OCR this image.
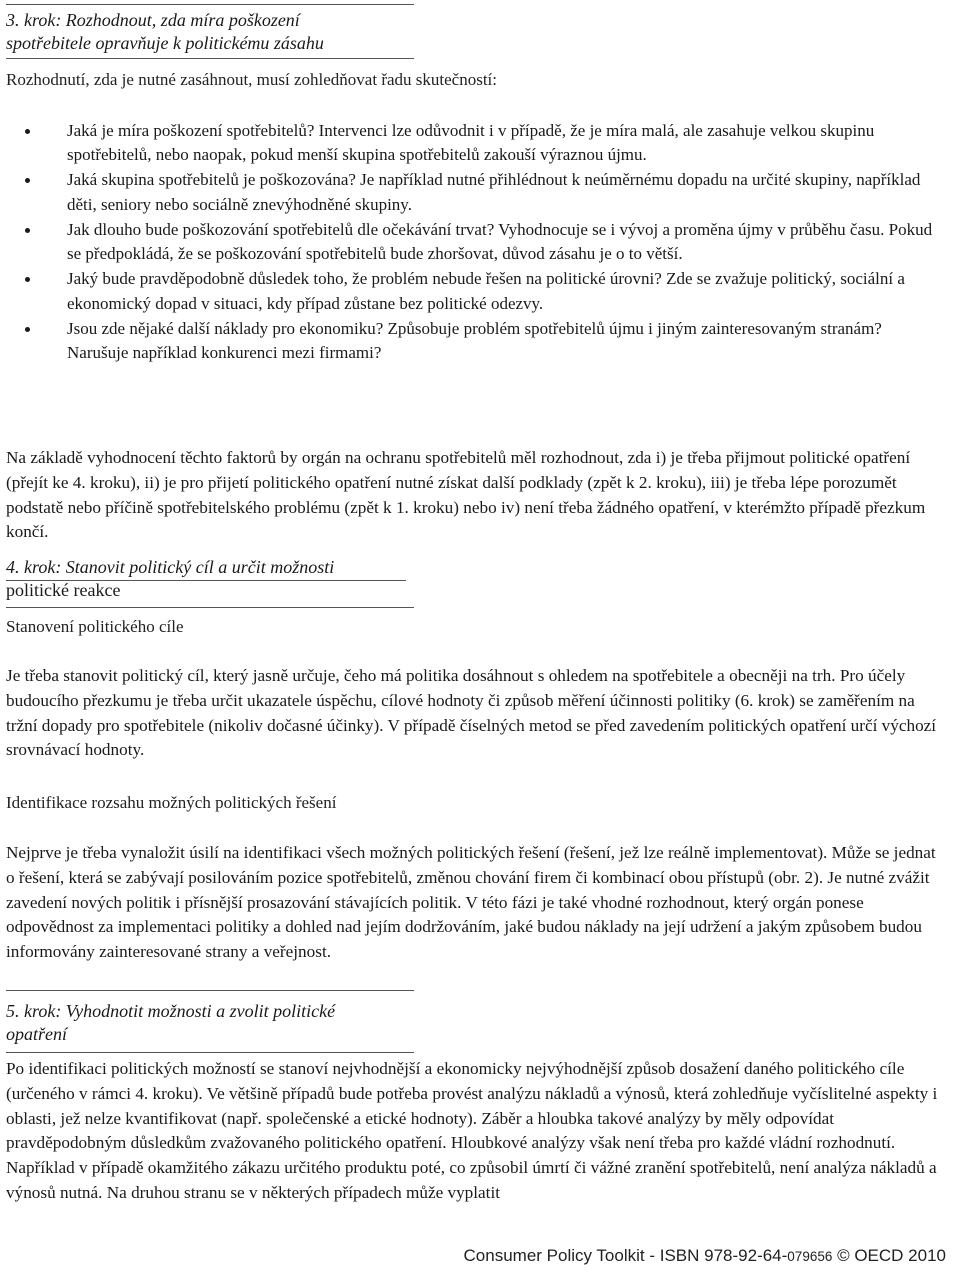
3. krok: Rozhodnout, zda míra poškození
spotřebitele opravňuje k politickému zásahu
Rozhodnutí, zda je nutné zasáhnout, musí zohledňovat řadu skutečností:
Jaká je míra poškození spotřebitelů? Intervenci lze odůvodnit i v případě, že je míra malá, ale zasahuje velkou skupinu spotřebitelů, nebo naopak, pokud menší skupina spotřebitelů zakouší výraznou újmu.
Jaká skupina spotřebitelů je poškozována? Je například nutné přihlédnout k neúměrnému dopadu na určité skupiny, například děti, seniory nebo sociálně znevýhodněné skupiny.
Jak dlouho bude poškozování spotřebitelů dle očekávání trvat? Vyhodnocuje se i vývoj a proměna újmy v průběhu času. Pokud se předpokládá, že se poškozování spotřebitelů bude zhoršovat, důvod zásahu je o to větší.
Jaký bude pravděpodobně důsledek toho, že problém nebude řešen na politické úrovni? Zde se zvažuje politický, sociální a ekonomický dopad v situaci, kdy případ zůstane bez politické odezvy.
Jsou zde nějaké další náklady pro ekonomiku? Způsobuje problém spotřebitelů újmu i jiným zainteresovaným stranám? Narušuje například konkurenci mezi firmami?

Na základě vyhodnocení těchto faktorů by orgán na ochranu spotřebitelů měl rozhodnout, zda i) je třeba přijmout politické opatření (přejít ke 4. kroku), ii) je pro přijetí politického opatření nutné získat další podklady (zpět k 2. kroku), iii) je třeba lépe porozumět podstatě nebo příčině spotřebitelského problému (zpět k 1. kroku) nebo iv) není třeba žádného opatření, v kterémžto případě přezkum končí.

4. krok: Stanovit politický cíl a určit možnosti
politické reakce
Stanovení politického cíle

Je třeba stanovit politický cíl, který jasně určuje, čeho má politika dosáhnout s ohledem na spotřebitele a obecněji na trh. Pro účely budoucího přezkumu je třeba určit ukazatele úspěchu, cílové hodnoty či způsob měření účinnosti politiky (6. krok) se zaměřením na tržní dopady pro spotřebitele (nikoliv dočasné účinky). V případě číselných metod se před zavedením politických opatření určí výchozí srovnávací hodnoty.

Identifikace rozsahu možných politických řešení

Nejprve je třeba vynaložit úsilí na identifikaci všech možných politických řešení (řešení, jež lze reálně implementovat). Může se jednat o řešení, která se zabývají posilováním pozice spotřebitelů, změnou chování firem či kombinací obou přístupů (obr. 2). Je nutné zvážit zavedení nových politik i přísnější prosazování stávajících politik. V této fázi je také vhodné rozhodnout, který orgán ponese odpovědnost za implementaci politiky a dohled nad jejím dodržováním, jaké budou náklady na její udržení a jakým způsobem budou informovány zainteresované strany a veřejnost.

5. krok: Vyhodnotit možnosti a zvolit politické
opatření

Po identifikaci politických možností se stanoví nejvhodnější a ekonomicky nejvýhodnější způsob dosažení daného politického cíle (určeného v rámci 4. kroku). Ve většině případů bude potřeba provést analýzu nákladů a výnosů, která zohledňuje vyčíslitelné aspekty i oblasti, jež nelze kvantifikovat (např. společenské a etické hodnoty). Záběr a hloubka takové analýzy by měly odpovídat pravděpodobným důsledkům zvažovaného politického opatření. Hloubkové analýzy však není třeba pro každé vládní rozhodnutí. Například v případě okamžitého zákazu určitého produktu poté, co způsobil úmrtí či vážné zranění spotřebitelů, není analýza nákladů a výnosů nutná. Na druhou stranu se v některých případech může vyplatit

Consumer Policy Toolkit - ISBN 978-92-64-079656 © OECD 2010
